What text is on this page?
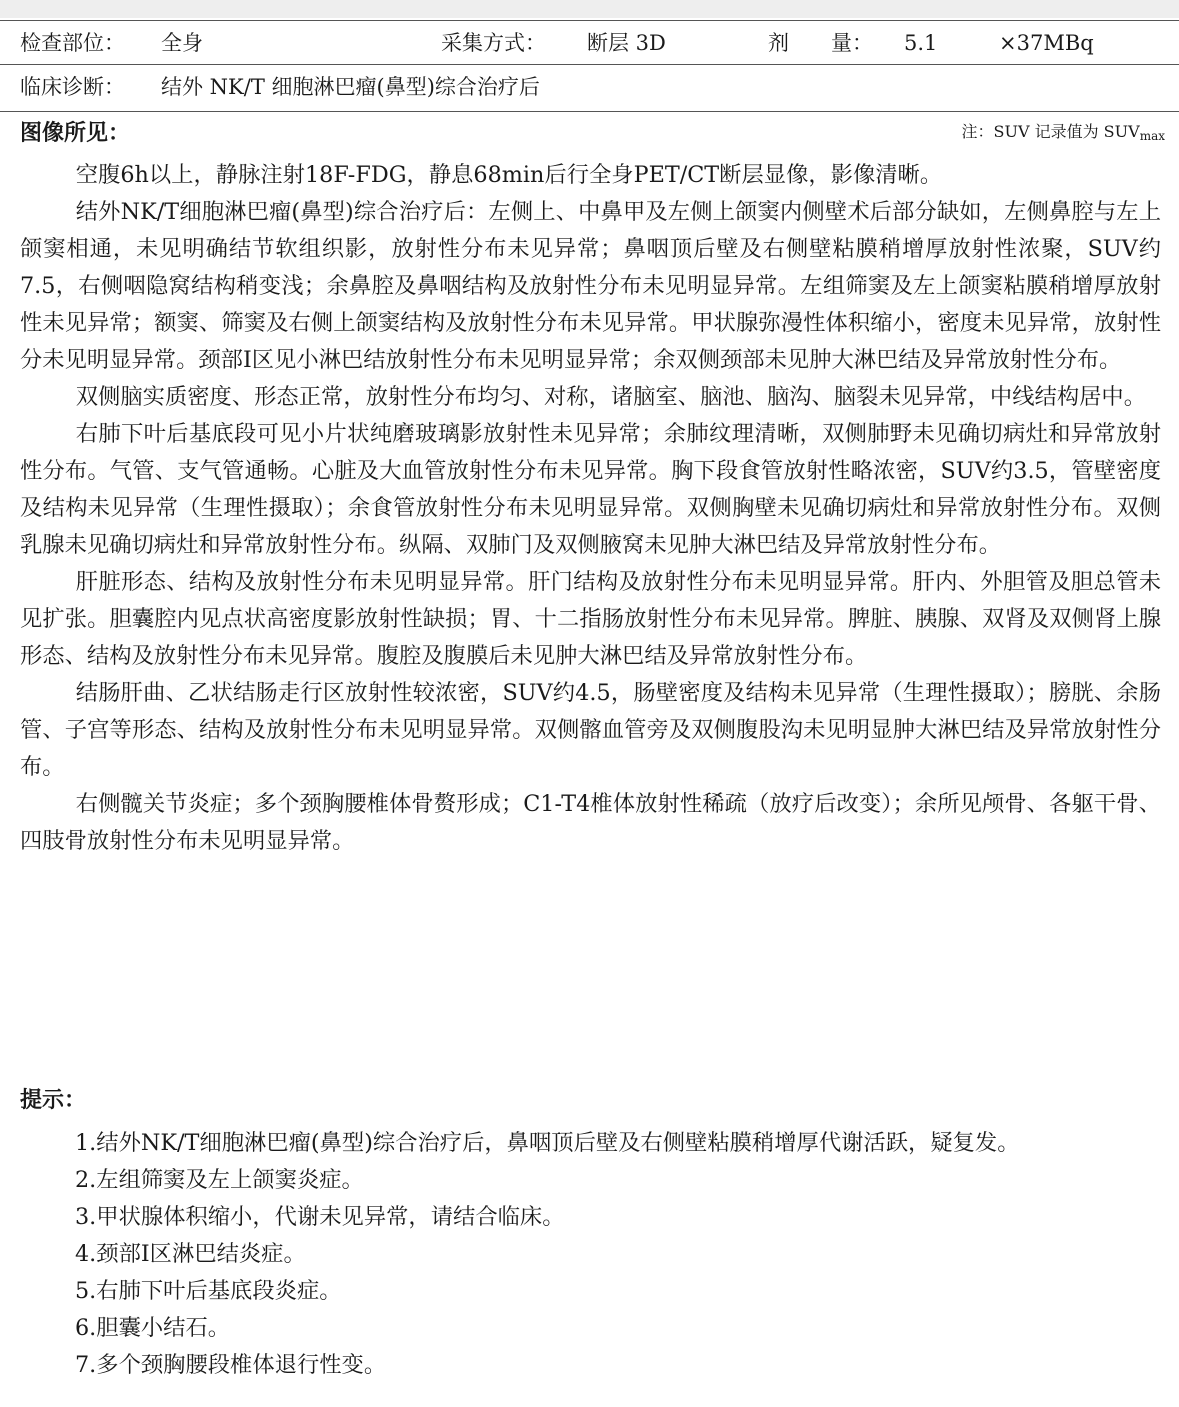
检查部位： 全身	采集方式： 断层 3D	剂　　量： 5.1	×37MBq
临床诊断： 结外 NK/T 细胞淋巴瘤(鼻型)综合治疗后
图像所见：	注：SUV 记录值为 $SUV_{max}$

空腹6h以上，静脉注射18F-FDG，静息68min后行全身PET/CT断层显像，影像清晰。

结外NK/T细胞淋巴瘤(鼻型)综合治疗后：左侧上、中鼻甲及左侧上颌窦内侧壁术后部分缺如，左侧鼻腔与左上颌窦相通，未见明确结节软组织影，放射性分布未见异常；鼻咽顶后壁及右侧壁粘膜稍增厚放射性浓聚，SUV约7.5，右侧咽隐窝结构稍变浅；余鼻腔及鼻咽结构及放射性分布未见明显异常。左组筛窦及左上颌窦粘膜稍增厚放射性未见异常；额窦、筛窦及右侧上颌窦结构及放射性分布未见异常。甲状腺弥漫性体积缩小，密度未见异常，放射性分未见明显异常。颈部Ⅰ区见小淋巴结放射性分布未见明显异常；余双侧颈部未见肿大淋巴结及异常放射性分布。

双侧脑实质密度、形态正常，放射性分布均匀、对称，诸脑室、脑池、脑沟、脑裂未见异常，中线结构居中。

右肺下叶后基底段可见小片状纯磨玻璃影放射性未见异常；余肺纹理清晰，双侧肺野未见确切病灶和异常放射性分布。气管、支气管通畅。心脏及大血管放射性分布未见异常。胸下段食管放射性略浓密，SUV约3.5，管壁密度及结构未见异常（生理性摄取）；余食管放射性分布未见明显异常。双侧胸壁未见确切病灶和异常放射性分布。双侧乳腺未见确切病灶和异常放射性分布。纵隔、双肺门及双侧腋窝未见肿大淋巴结及异常放射性分布。

肝脏形态、结构及放射性分布未见明显异常。肝门结构及放射性分布未见明显异常。肝内、外胆管及胆总管未见扩张。胆囊腔内见点状高密度影放射性缺损；胃、十二指肠放射性分布未见异常。脾脏、胰腺、双肾及双侧肾上腺形态、结构及放射性分布未见异常。腹腔及腹膜后未见肿大淋巴结及异常放射性分布。

结肠肝曲、乙状结肠走行区放射性较浓密，SUV约4.5，肠壁密度及结构未见异常（生理性摄取）；膀胱、余肠管、子宫等形态、结构及放射性分布未见明显异常。双侧髂血管旁及双侧腹股沟未见明显肿大淋巴结及异常放射性分布。

右侧髋关节炎症；多个颈胸腰椎体骨赘形成；C1-T4椎体放射性稀疏（放疗后改变）；余所见颅骨、各躯干骨、四肢骨放射性分布未见明显异常。

提示：
1.结外NK/T细胞淋巴瘤(鼻型)综合治疗后，鼻咽顶后壁及右侧壁粘膜稍增厚代谢活跃，疑复发。
2.左组筛窦及左上颌窦炎症。
3.甲状腺体积缩小，代谢未见异常，请结合临床。
4.颈部Ⅰ区淋巴结炎症。
5.右肺下叶后基底段炎症。
6.胆囊小结石。
7.多个颈胸腰段椎体退行性变。
